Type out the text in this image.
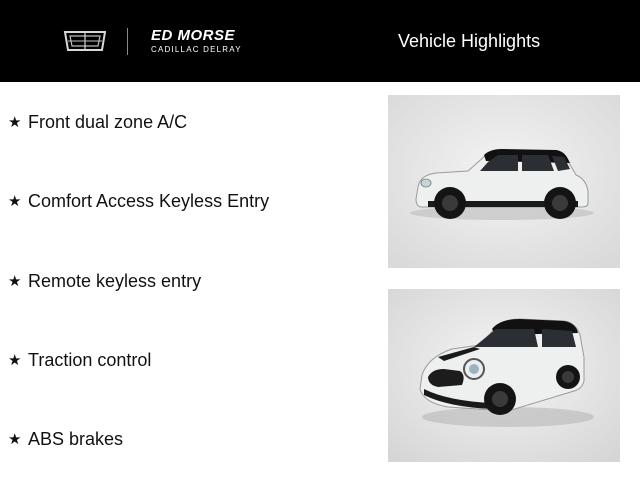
ED MORSE
CADILLAC DELRAY	Vehicle Highlights
★ Front dual zone A/C
★ Comfort Access Keyless Entry
★ Remote keyless entry
★ Traction control
★ ABS brakes
